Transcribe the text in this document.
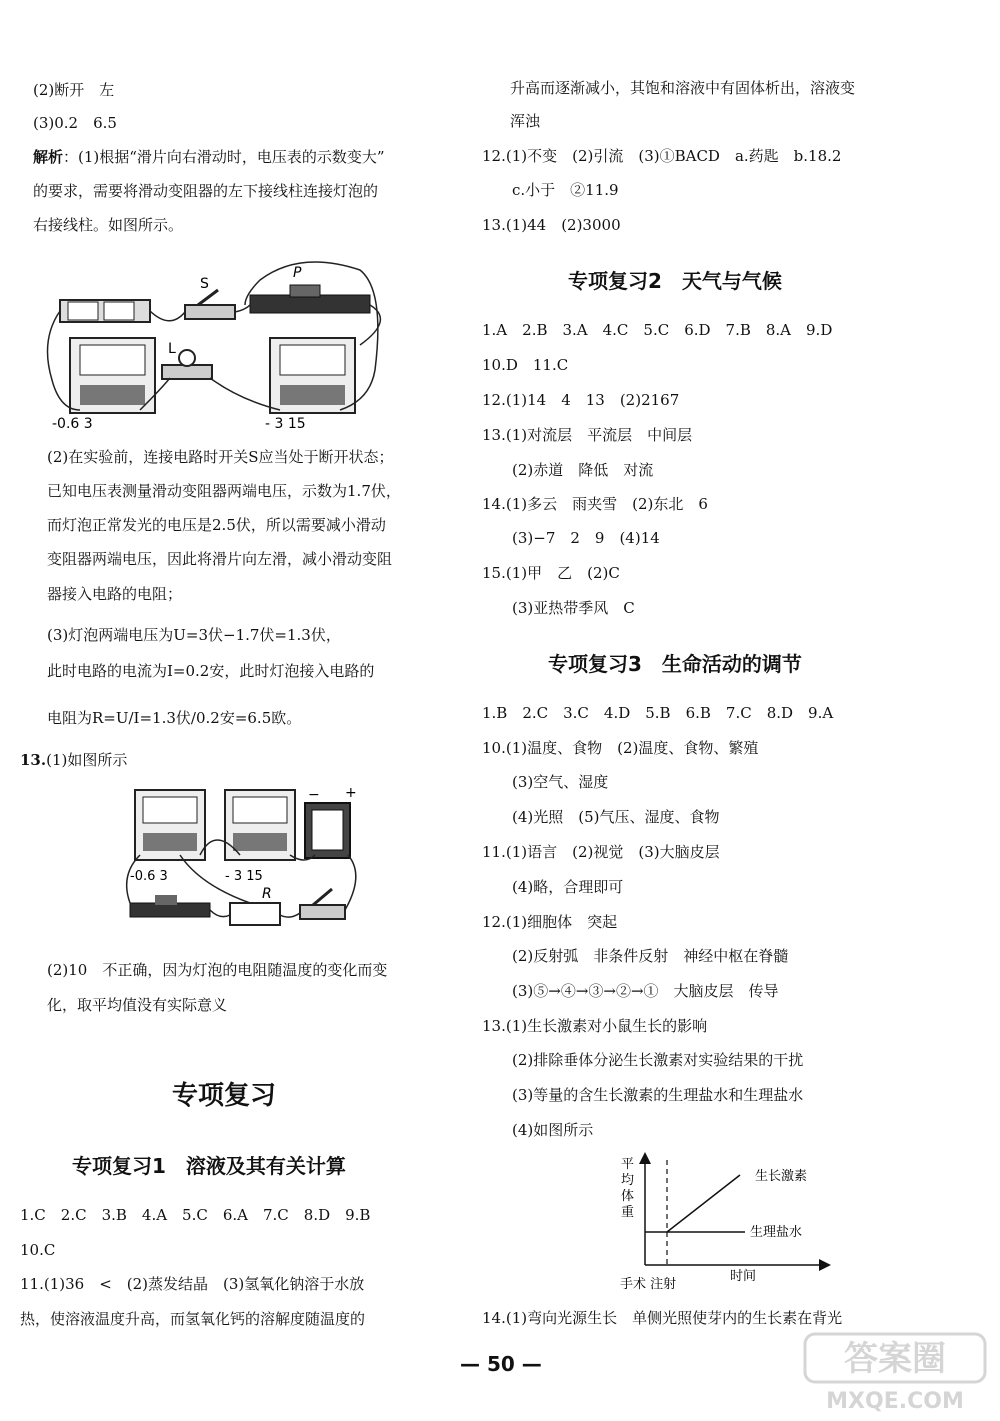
(2)断开　左
(3)0.2　6.5
解析：(1)根据“滑片向右滑动时，电压表的示数变大”
的要求，需要将滑动变阻器的左下接线柱连接灯泡的
右接线柱。如图所示。
S
P
-0.6 3
L
- 3 15
(2)在实验前，连接电路时开关S应当处于断开状态；
已知电压表测量滑动变阻器两端电压，示数为1.7伏，
而灯泡正常发光的电压是2.5伏，所以需要减小滑动
变阻器两端电压，因此将滑片向左滑，减小滑动变阻
器接入电路的电阻；
(3)灯泡两端电压为U=3伏−1.7伏=1.3伏，
此时电路的电流为I=0.2安，此时灯泡接入电路的
电阻为R=U/I=1.3伏/0.2安=6.5欧。
13.(1)如图所示
-0.6 3	- 3 15
− +
R
(2)10　不正确，因为灯泡的电阻随温度的变化而变
化，取平均值没有实际意义
专项复习
专项复习1　溶液及其有关计算
1.C　2.C　3.B　4.A　5.C　6.A　7.C　8.D　9.B
10.C
11.(1)36　<　(2)蒸发结晶　(3)氢氧化钠溶于水放
热，使溶液温度升高，而氢氧化钙的溶解度随温度的
升高而逐渐减小，其饱和溶液中有固体析出，溶液变
浑浊
12.(1)不变　(2)引流　(3)①BACD　a.药匙　b.18.2
c.小于　②11.9
13.(1)44　(2)3000
专项复习2　天气与气候
1.A　2.B　3.A　4.C　5.C　6.D　7.B　8.A　9.D
10.D　11.C
12.(1)14　4　13　(2)2167
13.(1)对流层　平流层　中间层
(2)赤道　降低　对流
14.(1)多云　雨夹雪　(2)东北　6
(3)−7　2　9　(4)14
15.(1)甲　乙　(2)C
(3)亚热带季风　C
专项复习3　生命活动的调节
1.B　2.C　3.C　4.D　5.B　6.B　7.C　8.D　9.A
10.(1)温度、食物　(2)温度、食物、繁殖
(3)空气、湿度
(4)光照　(5)气压、湿度、食物
11.(1)语言　(2)视觉　(3)大脑皮层
(4)略，合理即可
12.(1)细胞体　突起
(2)反射弧　非条件反射　神经中枢在脊髓
(3)⑤→④→③→②→①　大脑皮层　传导
13.(1)生长激素对小鼠生长的影响
(2)排除垂体分泌生长激素对实验结果的干扰
(3)等量的含生长激素的生理盐水和生理盐水
(4)如图所示
平
均
体
重
生长激素
生理盐水
手术 注射
时间
14.(1)弯向光源生长　单侧光照使芽内的生长素在背光
— 50 —	答案圈
MXQE.COM
